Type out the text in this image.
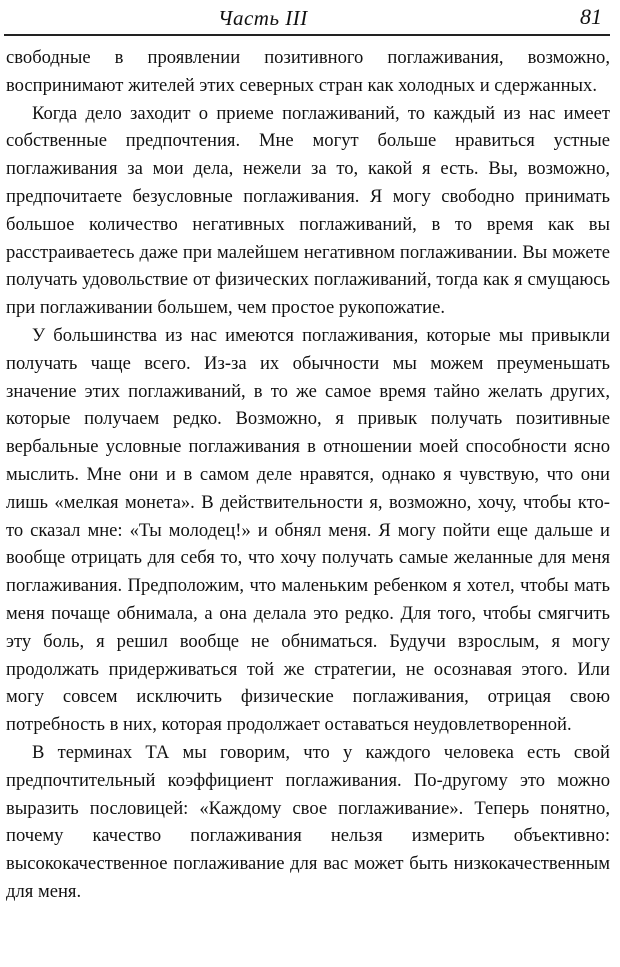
Часть III	81

свободные в проявлении позитивного поглаживания, возможно, воспринимают жителей этих северных стран как холодных и сдержанных.

Когда дело заходит о приеме поглаживаний, то каждый из нас имеет собственные предпочтения. Мне могут больше нравиться устные поглаживания за мои дела, нежели за то, какой я есть. Вы, возможно, предпочитаете безусловные поглаживания. Я могу свободно принимать большое количество негативных поглаживаний, в то время как вы расстраиваетесь даже при малейшем негативном поглаживании. Вы можете получать удовольствие от физических поглаживаний, тогда как я смущаюсь при поглаживании большем, чем простое рукопожатие.

У большинства из нас имеются поглаживания, которые мы привыкли получать чаще всего. Из-за их обычности мы можем преуменьшать значение этих поглаживаний, в то же самое время тайно желать других, которые получаем редко. Возможно, я привык получать позитивные вербальные условные поглаживания в отношении моей способности ясно мыслить. Мне они и в самом деле нравятся, однако я чувствую, что они лишь «мелкая монета». В действительности я, возможно, хочу, чтобы кто-то сказал мне: «Ты молодец!» и обнял меня. Я могу пойти еще дальше и вообще отрицать для себя то, что хочу получать самые желанные для меня поглаживания. Предположим, что маленьким ребенком я хотел, чтобы мать меня почаще обнимала, а она делала это редко. Для того, чтобы смягчить эту боль, я решил вообще не обниматься. Будучи взрослым, я могу продолжать придерживаться той же стратегии, не осознавая этого. Или могу совсем исключить физические поглаживания, отрицая свою потребность в них, которая продолжает оставаться неудовлетворенной.

В терминах ТА мы говорим, что у каждого человека есть свой предпочтительный коэффициент поглаживания. По-другому это можно выразить пословицей: «Каждому свое поглаживание». Теперь понятно, почему качество поглаживания нельзя измерить объективно: высококачественное поглаживание для вас может быть низкокачественным для меня.
